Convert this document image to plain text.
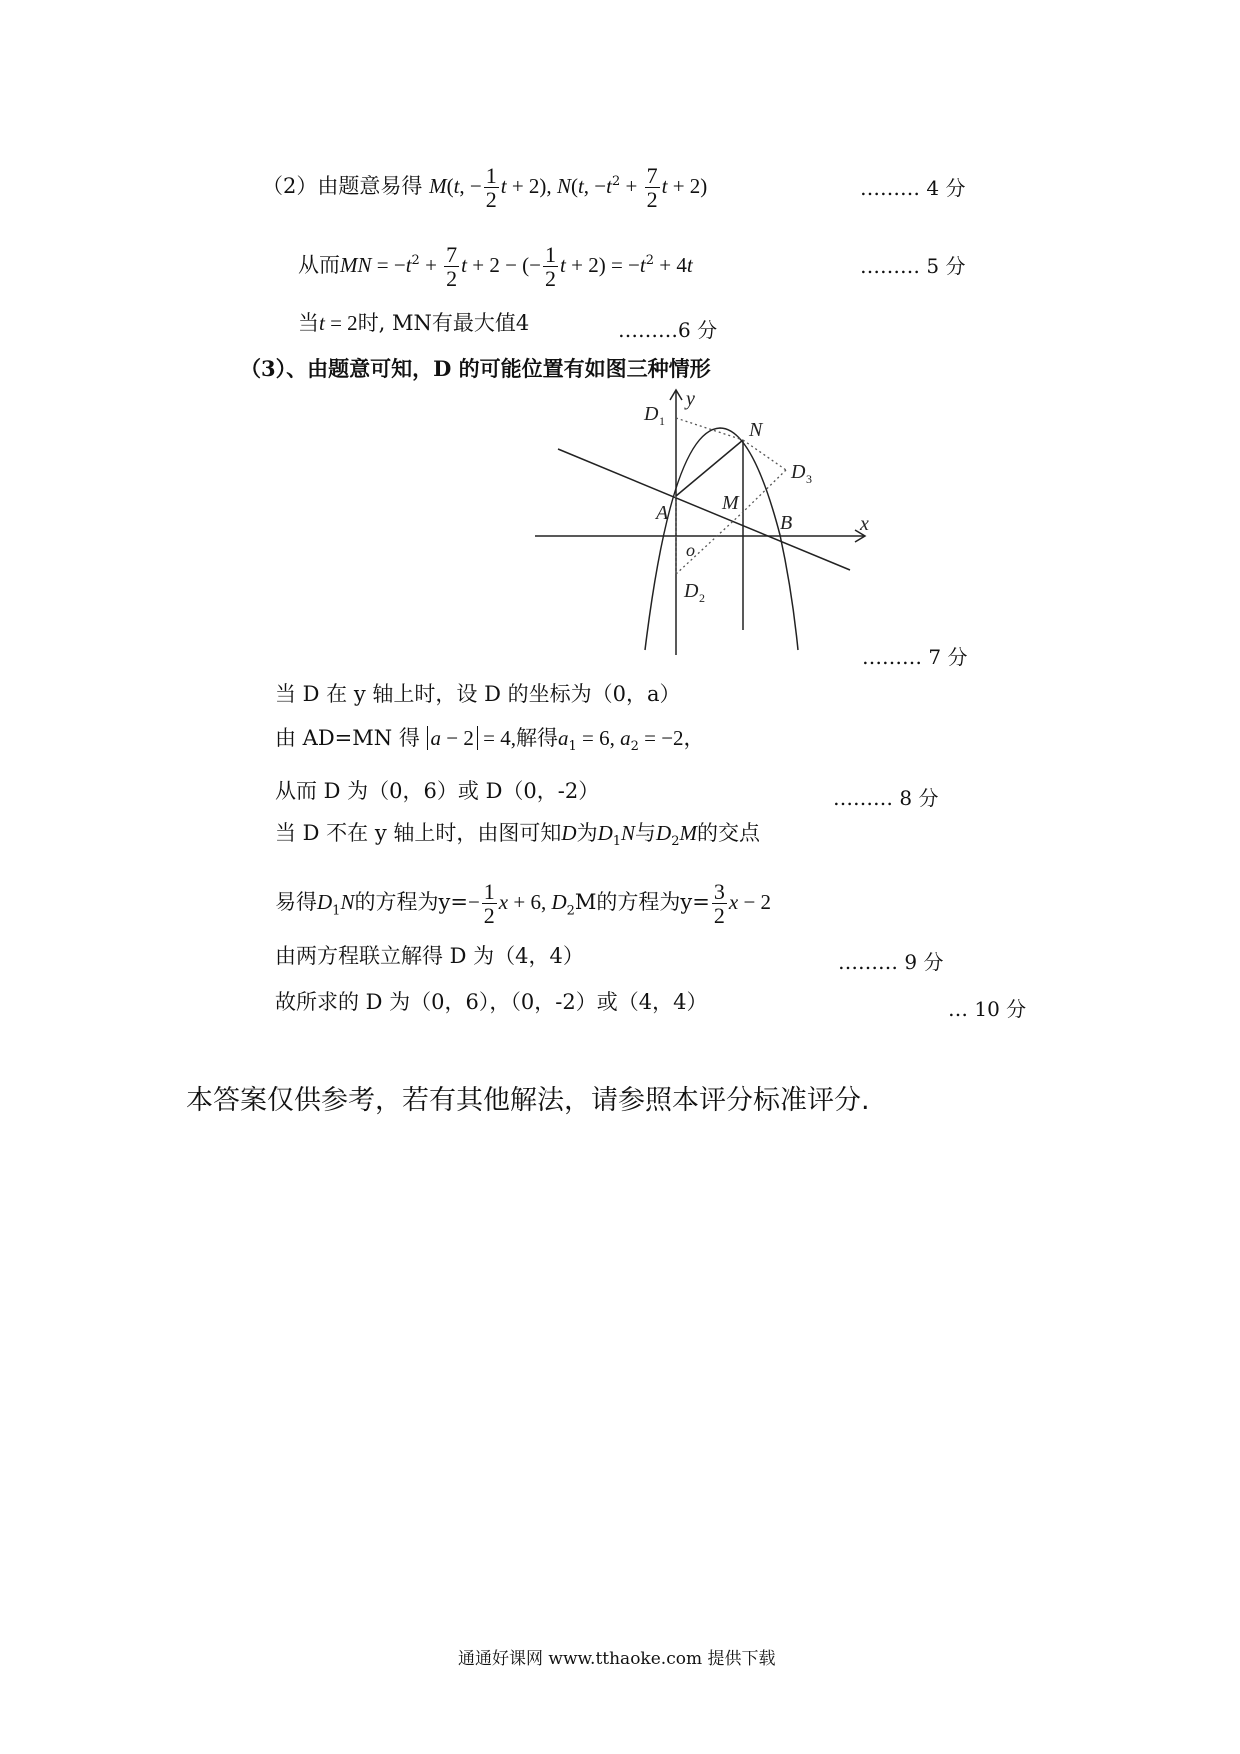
（2）由题意易得 M(t, − $\frac{1}{2}$ t + 2), N(t, $-t^2 + \frac{7}{2}$ t + 2)	……… 4 分
从而MN = $-t^2 + \frac{7}{2}$ t + 2 − (− $\frac{1}{2}$ $t + 2) = -t^2 + 4t$	……… 5 分
当t = 2时, MN有最大值4	………6 分
（3）、由题意可知，D 的可能位置有如图三种情形
y
x
N
M
A	B
o
D 1
D 3
D 2
……… 7 分
当 D 在 y 轴上时，设 D 的坐标为（0，a）
由 AD=MN 得 a − 2 = 4,解得$a_1 = 6$, $a_2 = -2$，
从而 D 为（0，6）或 D（0，-2）	……… 8 分
当 D 不在 y 轴上时，由图可知D为$D_1N$与$D_2M$的交点
易得$D_1N$的方程为$y=- \frac{1}{2}$ x + 6, $D_2M$的方程为$y= \frac{3}{2}$ x − 2
由两方程联立解得 D 为（4，4）	……… 9 分
故所求的 D 为（0，6），（0，-2）或（4，4）	… 10 分
本答案仅供参考，若有其他解法，请参照本评分标准评分.
通通好课网 www.tthaoke.com 提供下载
